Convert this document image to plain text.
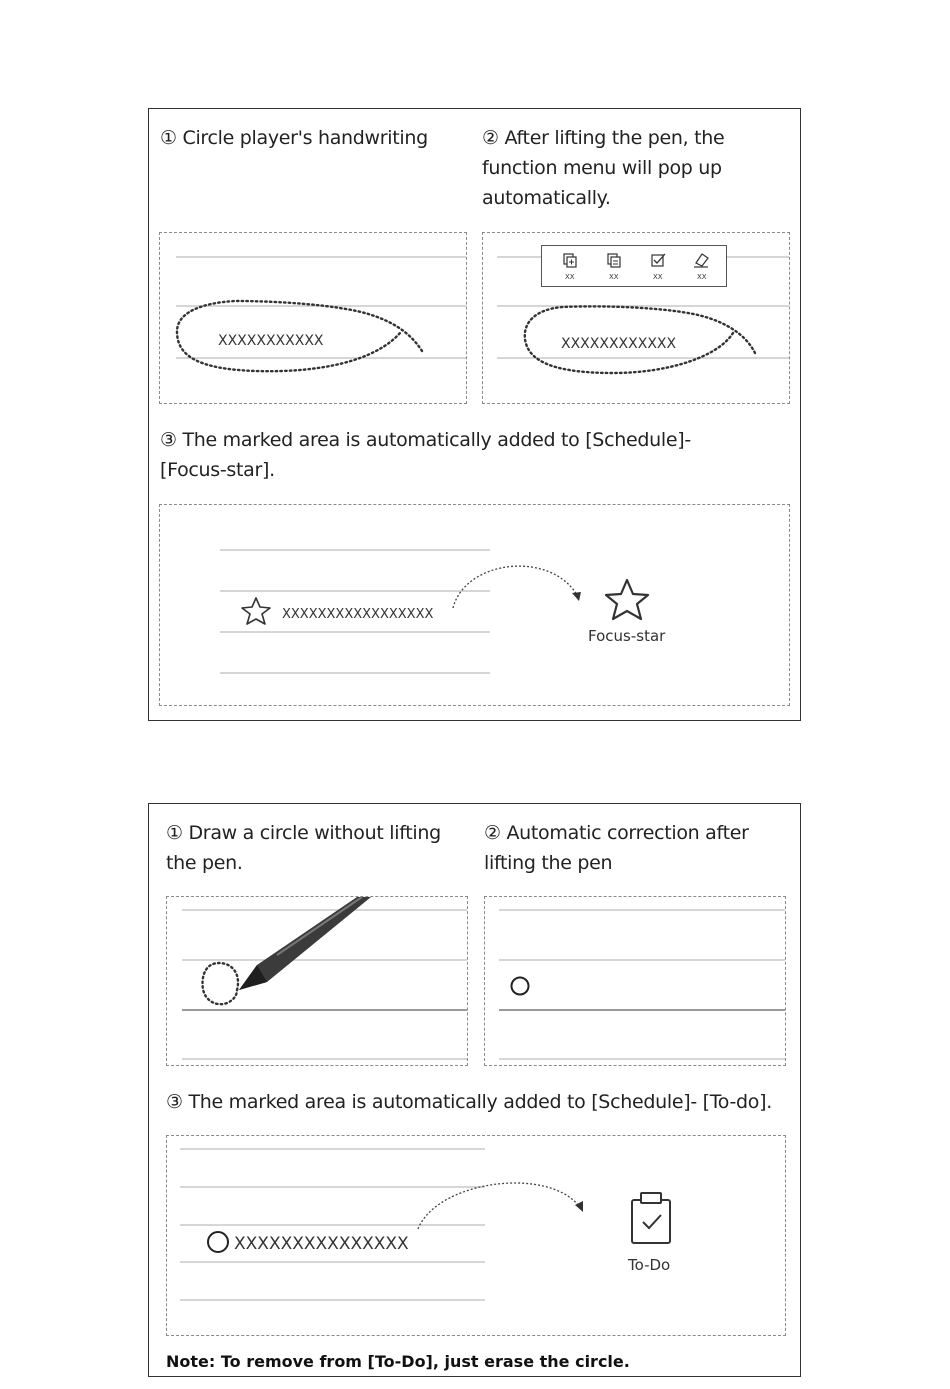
① Circle player's handwriting	② After lifting the pen, the
function menu will pop up
automatically.
XXXXXXXXXXX	XXXXXXXXXXXX
XX	XX	XX	XX
③ The marked area is automatically added to [Schedule]-
[Focus-star].
XXXXXXXXXXXXXXXXX
Focus-star
① Draw a circle without lifting
the pen.
② Automatic correction after
lifting the pen
③ The marked area is automatically added to [Schedule]- [To-do].
XXXXXXXXXXXXXXX
To-Do
Note: To remove from [To-Do], just erase the circle.
